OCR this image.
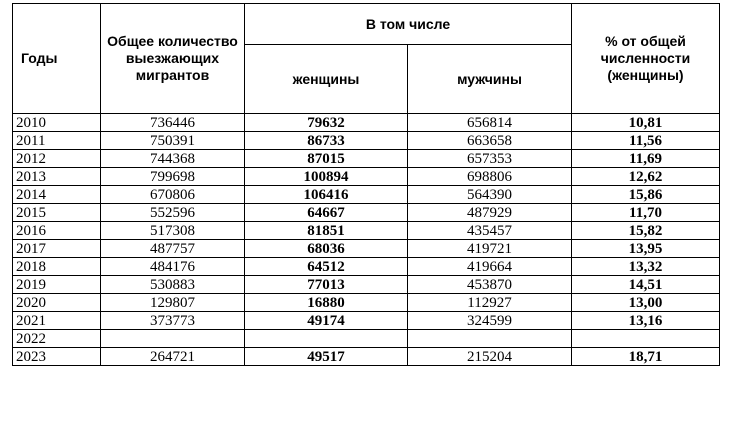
Годы	Общее количество выезжающих мигрантов	В том числе		% от общей численности (женщины)
		женщины	мужчины	
2010	736446	79632	656814	10,81
2011	750391	86733	663658	11,56
2012	744368	87015	657353	11,69
2013	799698	100894	698806	12,62
2014	670806	106416	564390	15,86
2015	552596	64667	487929	11,70
2016	517308	81851	435457	15,82
2017	487757	68036	419721	13,95
2018	484176	64512	419664	13,32
2019	530883	77013	453870	14,51
2020	129807	16880	112927	13,00
2021	373773	49174	324599	13,16
2022				
2023	264721	49517	215204	18,71
